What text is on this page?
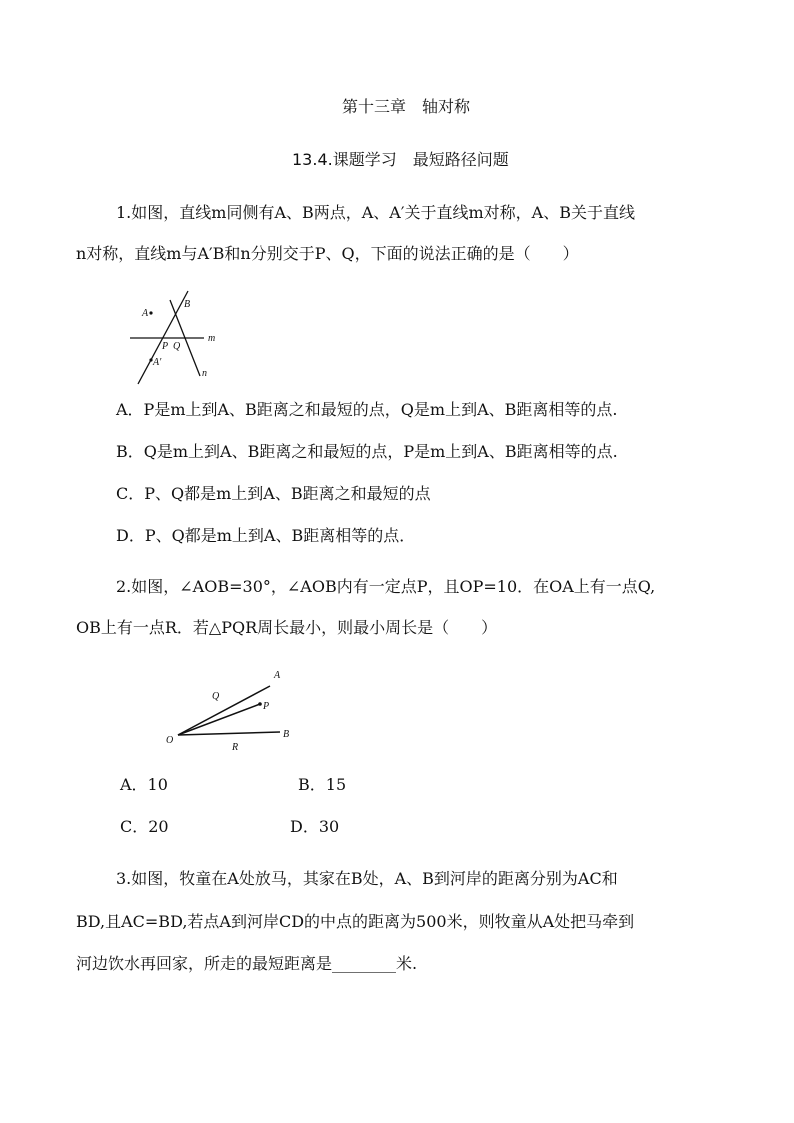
第十三章　轴对称
13.4.课题学习　最短路径问题
1.如图，直线m同侧有A、B两点，A、A′关于直线m对称，A、B关于直线
n对称，直线m与A′B和n分别交于P、Q，下面的说法正确的是（　　）
A
B
P Q
A′
m
n
A．P是m上到A、B距离之和最短的点，Q是m上到A、B距离相等的点.
B．Q是m上到A、B距离之和最短的点，P是m上到A、B距离相等的点.
C．P、Q都是m上到A、B距离之和最短的点
D．P、Q都是m上到A、B距离相等的点．
2.如图，∠AOB=30°，∠AOB内有一定点P，且OP=10．在OA上有一点Q,
OB上有一点R．若△PQR周长最小，则最小周长是（　　）
A
B
O
P
Q
R
A．10	B．15
C．20	D．30
3.如图，牧童在A处放马，其家在B处，A、B到河岸的距离分别为AC和
BD,且AC=BD,若点A到河岸CD的中点的距离为500米，则牧童从A处把马牵到
河边饮水再回家，所走的最短距离是________米.
